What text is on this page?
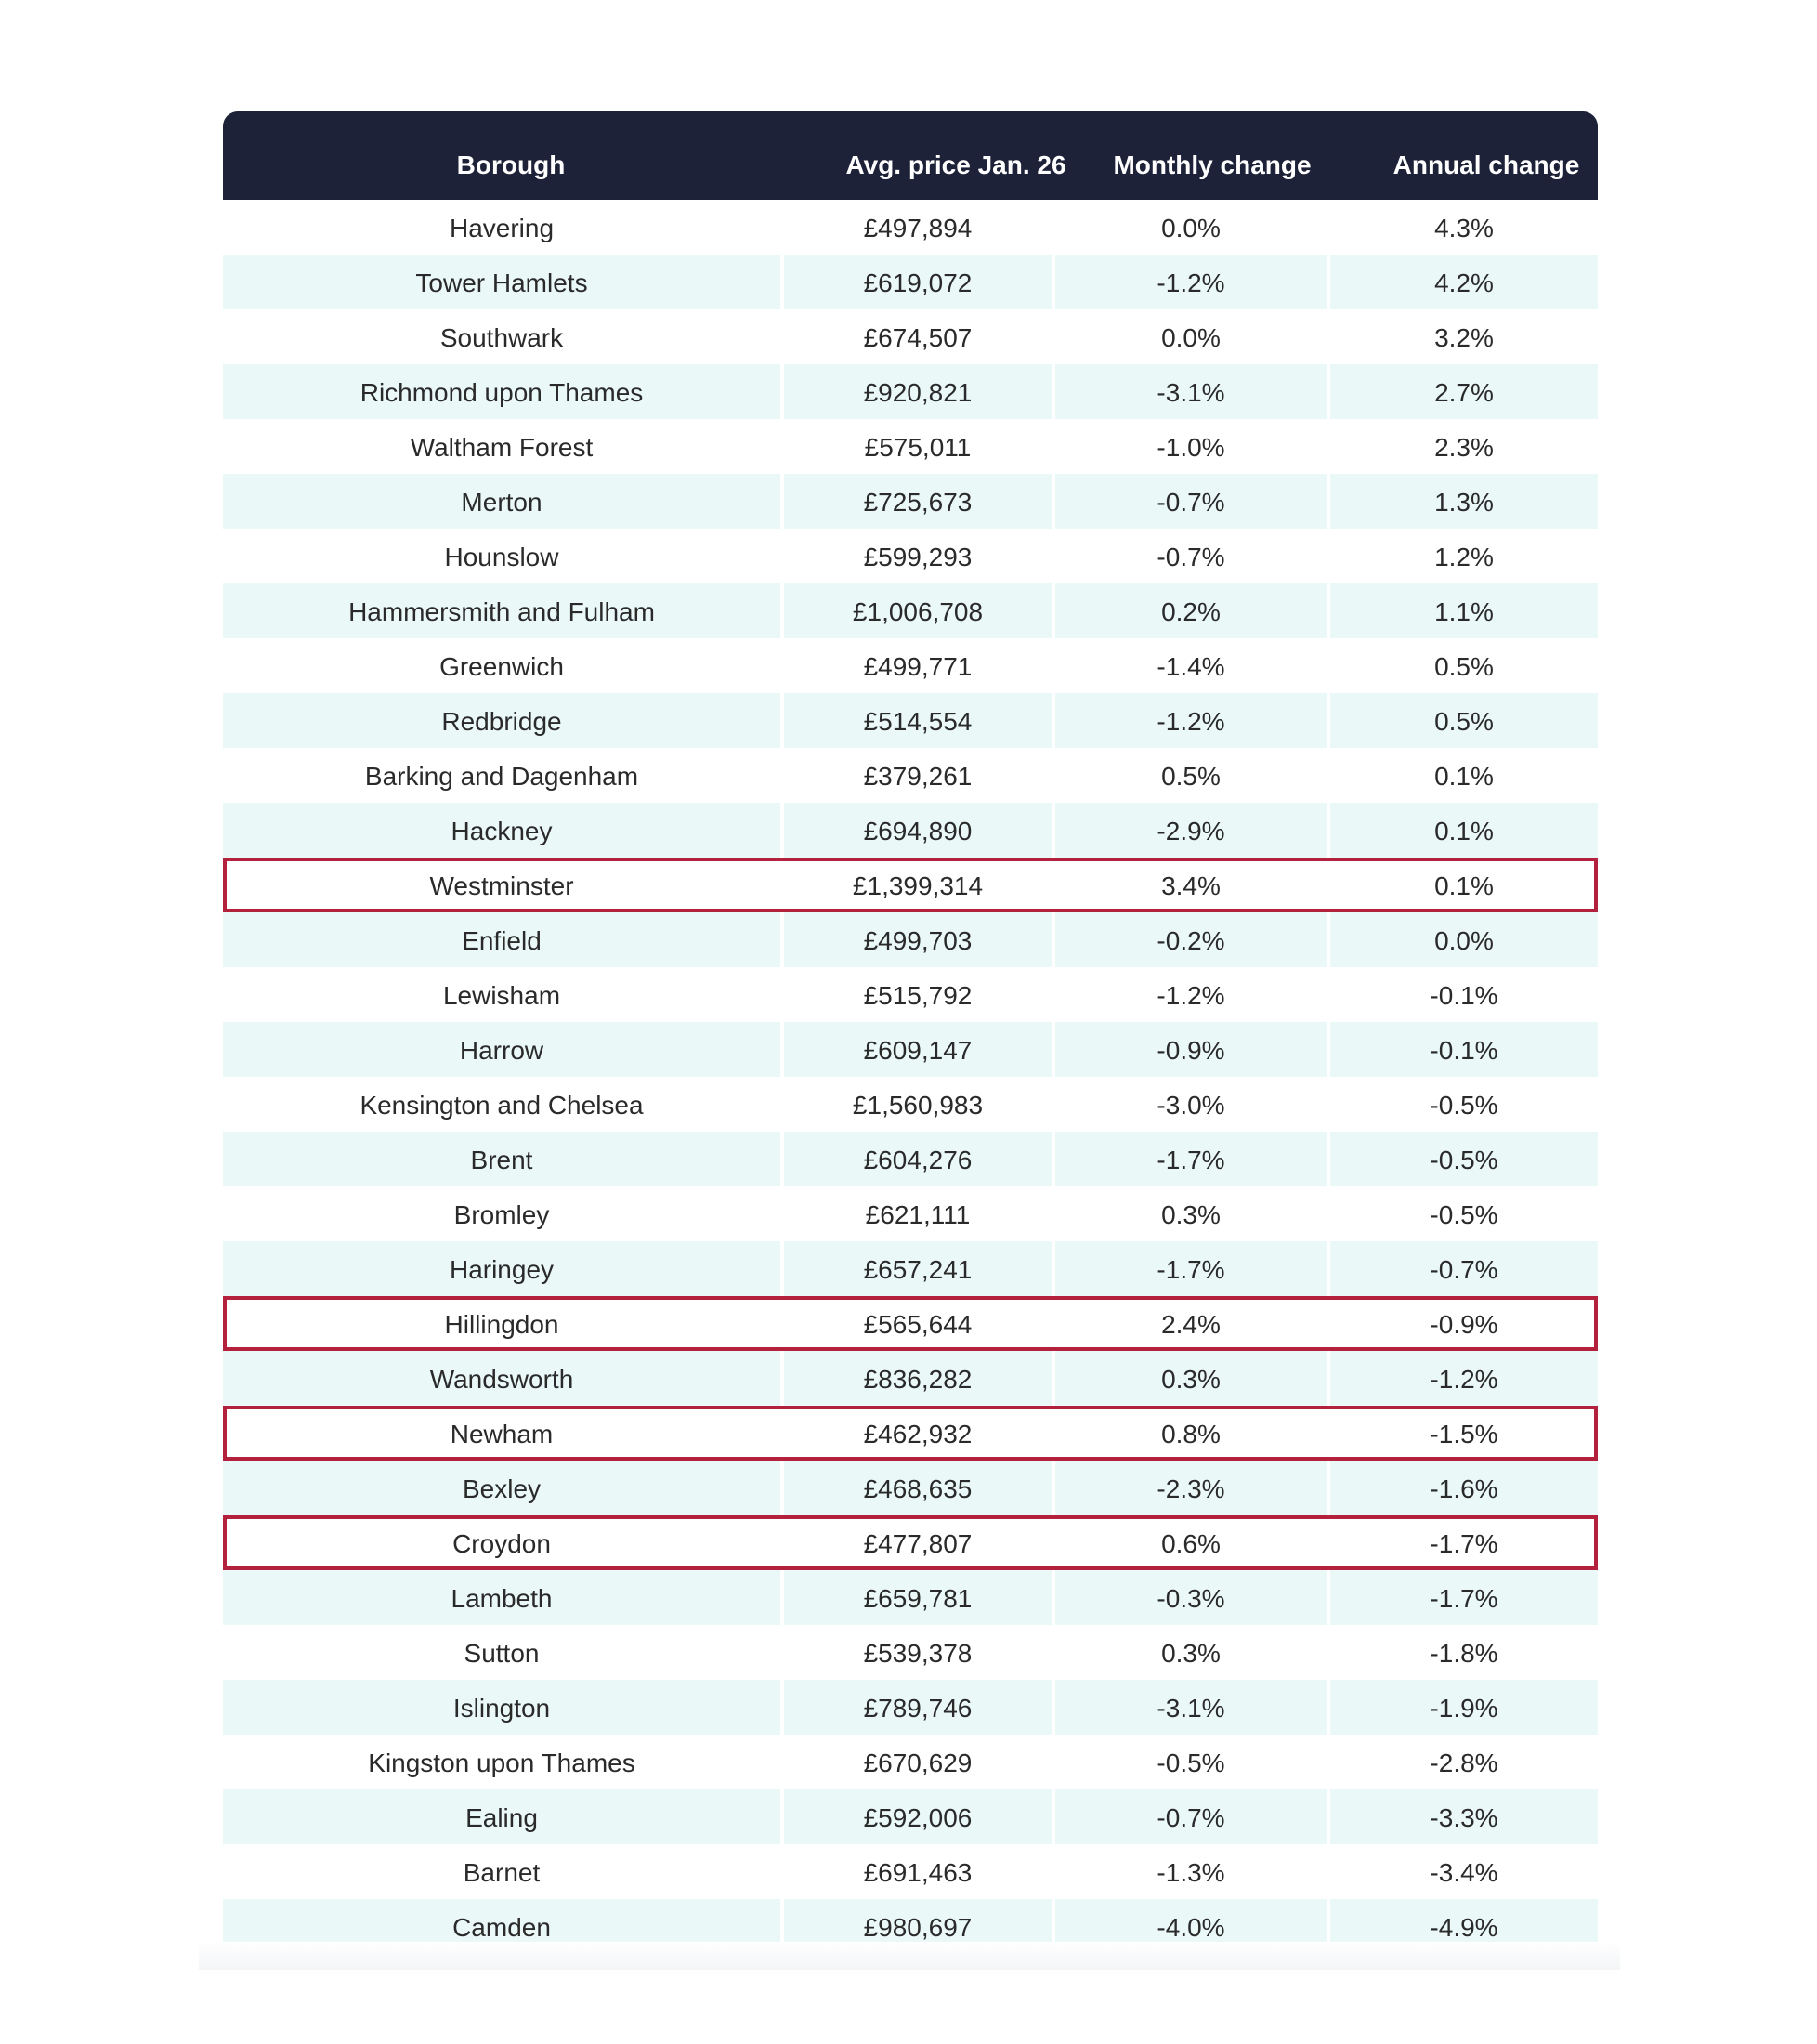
Borough	Avg. price Jan. 26	Monthly change	Annual change
Havering	£497,894	0.0%	4.3%
Tower Hamlets	£619,072	-1.2%	4.2%
Southwark	£674,507	0.0%	3.2%
Richmond upon Thames	£920,821	-3.1%	2.7%
Waltham Forest	£575,011	-1.0%	2.3%
Merton	£725,673	-0.7%	1.3%
Hounslow	£599,293	-0.7%	1.2%
Hammersmith and Fulham	£1,006,708	0.2%	1.1%
Greenwich	£499,771	-1.4%	0.5%
Redbridge	£514,554	-1.2%	0.5%
Barking and Dagenham	£379,261	0.5%	0.1%
Hackney	£694,890	-2.9%	0.1%
Westminster	£1,399,314	3.4%	0.1%
Enfield	£499,703	-0.2%	0.0%
Lewisham	£515,792	-1.2%	-0.1%
Harrow	£609,147	-0.9%	-0.1%
Kensington and Chelsea	£1,560,983	-3.0%	-0.5%
Brent	£604,276	-1.7%	-0.5%
Bromley	£621,111	0.3%	-0.5%
Haringey	£657,241	-1.7%	-0.7%
Hillingdon	£565,644	2.4%	-0.9%
Wandsworth	£836,282	0.3%	-1.2%
Newham	£462,932	0.8%	-1.5%
Bexley	£468,635	-2.3%	-1.6%
Croydon	£477,807	0.6%	-1.7%
Lambeth	£659,781	-0.3%	-1.7%
Sutton	£539,378	0.3%	-1.8%
Islington	£789,746	-3.1%	-1.9%
Kingston upon Thames	£670,629	-0.5%	-2.8%
Ealing	£592,006	-0.7%	-3.3%
Barnet	£691,463	-1.3%	-3.4%
Camden	£980,697	-4.0%	-4.9%
